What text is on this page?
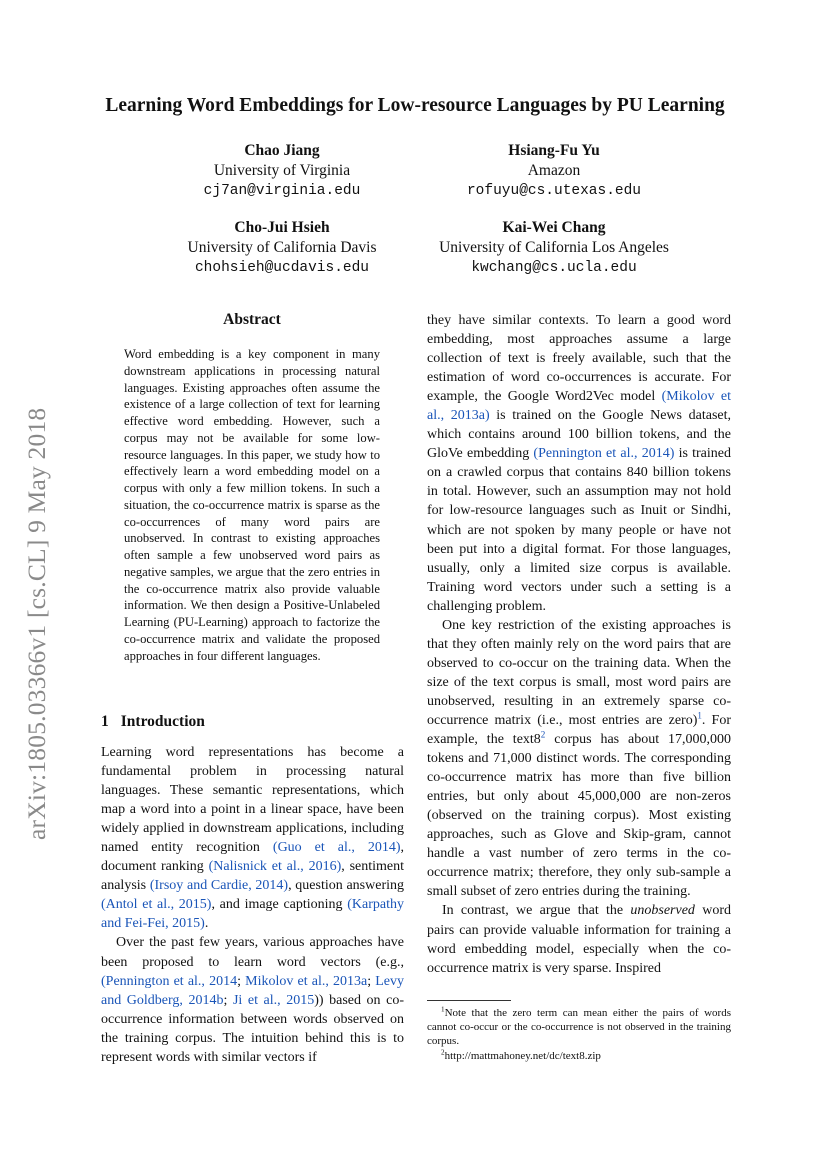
arXiv:1805.03366v1 [cs.CL] 9 May 2018
Learning Word Embeddings for Low-resource Languages by PU Learning
Chao Jiang
University of Virginia
cj7an@virginia.edu
Hsiang-Fu Yu
Amazon
rofuyu@cs.utexas.edu
Cho-Jui Hsieh
University of California Davis
chohsieh@ucdavis.edu
Kai-Wei Chang
University of California Los Angeles
kwchang@cs.ucla.edu
Abstract

Word embedding is a key component in many downstream applications in processing natural languages. Existing approaches often assume the existence of a large collection of text for learning effective word embedding. However, such a corpus may not be available for some low-resource languages. In this paper, we study how to effectively learn a word embedding model on a corpus with only a few million tokens. In such a situation, the co-occurrence matrix is sparse as the co-occurrences of many word pairs are unobserved. In contrast to existing approaches often sample a few unobserved word pairs as negative samples, we argue that the zero entries in the co-occurrence matrix also provide valuable information. We then design a Positive-Unlabeled Learning (PU-Learning) approach to factorize the co-occurrence matrix and validate the proposed approaches in four different languages.

1 Introduction

Learning word representations has become a fundamental problem in processing natural languages. These semantic representations, which map a word into a point in a linear space, have been widely applied in downstream applications, including named entity recognition (Guo et al., 2014), document ranking (Nalisnick et al., 2016), sentiment analysis (Irsoy and Cardie, 2014), question answering (Antol et al., 2015), and image captioning (Karpathy and Fei-Fei, 2015).

Over the past few years, various approaches have been proposed to learn word vectors (e.g., (Pennington et al., 2014; Mikolov et al., 2013a; Levy and Goldberg, 2014b; Ji et al., 2015)) based on co-occurrence information between words observed on the training corpus. The intuition behind this is to represent words with similar vectors if

they have similar contexts. To learn a good word embedding, most approaches assume a large collection of text is freely available, such that the estimation of word co-occurrences is accurate. For example, the Google Word2Vec model (Mikolov et al., 2013a) is trained on the Google News dataset, which contains around 100 billion tokens, and the GloVe embedding (Pennington et al., 2014) is trained on a crawled corpus that contains 840 billion tokens in total. However, such an assumption may not hold for low-resource languages such as Inuit or Sindhi, which are not spoken by many people or have not been put into a digital format. For those languages, usually, only a limited size corpus is available. Training word vectors under such a setting is a challenging problem.

One key restriction of the existing approaches is that they often mainly rely on the word pairs that are observed to co-occur on the training data. When the size of the text corpus is small, most word pairs are unobserved, resulting in an extremely sparse co-occurrence matrix (i.e., most entries are zero)$^1$. For example, the text8$^2$ corpus has about 17,000,000 tokens and 71,000 distinct words. The corresponding co-occurrence matrix has more than five billion entries, but only about 45,000,000 are non-zeros (observed on the training corpus). Most existing approaches, such as Glove and Skip-gram, cannot handle a vast number of zero terms in the co-occurrence matrix; therefore, they only sub-sample a small subset of zero entries during the training.

In contrast, we argue that the unobserved word pairs can provide valuable information for training a word embedding model, especially when the co-occurrence matrix is very sparse. Inspired

$^1$Note that the zero term can mean either the pairs of words cannot co-occur or the co-occurrence is not observed in the training corpus.

$^2$http://mattmahoney.net/dc/text8.zip
